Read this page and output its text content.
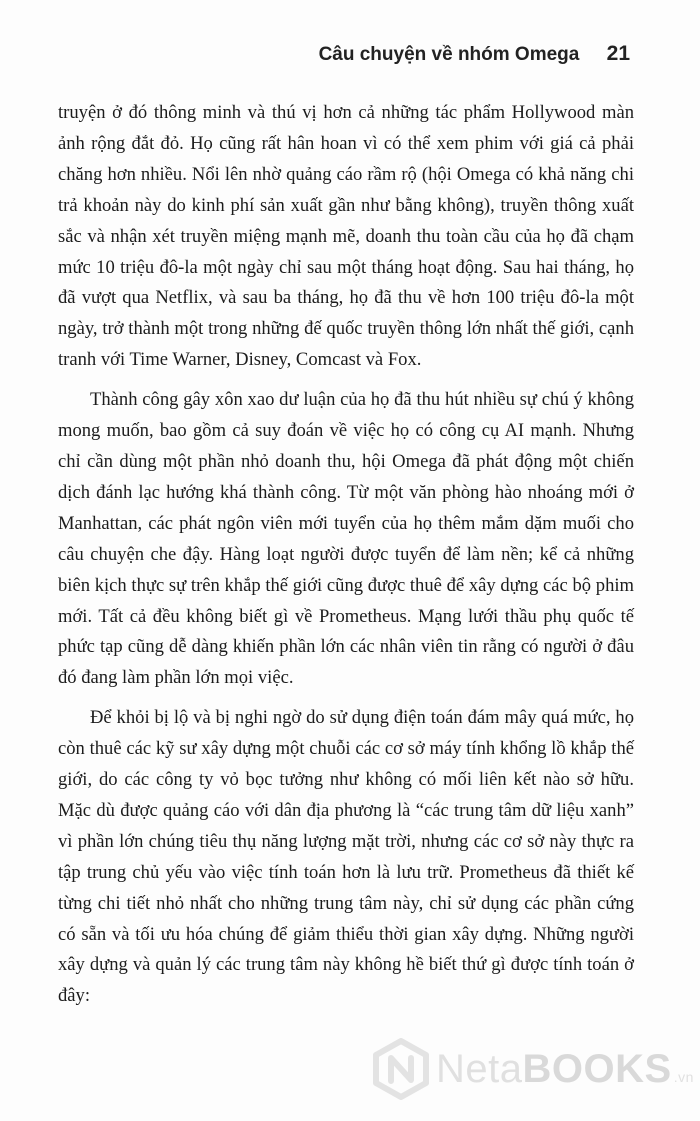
Câu chuyện về nhóm Omega 21

truyện ở đó thông minh và thú vị hơn cả những tác phẩm Hollywood màn ảnh rộng đắt đỏ. Họ cũng rất hân hoan vì có thể xem phim với giá cả phải chăng hơn nhiều. Nổi lên nhờ quảng cáo rầm rộ (hội Omega có khả năng chi trả khoản này do kinh phí sản xuất gần như bằng không), truyền thông xuất sắc và nhận xét truyền miệng mạnh mẽ, doanh thu toàn cầu của họ đã chạm mức 10 triệu đô-la một ngày chỉ sau một tháng hoạt động. Sau hai tháng, họ đã vượt qua Netflix, và sau ba tháng, họ đã thu về hơn 100 triệu đô-la một ngày, trở thành một trong những đế quốc truyền thông lớn nhất thế giới, cạnh tranh với Time Warner, Disney, Comcast và Fox.

Thành công gây xôn xao dư luận của họ đã thu hút nhiều sự chú ý không mong muốn, bao gồm cả suy đoán về việc họ có công cụ AI mạnh. Nhưng chỉ cần dùng một phần nhỏ doanh thu, hội Omega đã phát động một chiến dịch đánh lạc hướng khá thành công. Từ một văn phòng hào nhoáng mới ở Manhattan, các phát ngôn viên mới tuyển của họ thêm mắm dặm muối cho câu chuyện che đậy. Hàng loạt người được tuyển để làm nền; kể cả những biên kịch thực sự trên khắp thế giới cũng được thuê để xây dựng các bộ phim mới. Tất cả đều không biết gì về Prometheus. Mạng lưới thầu phụ quốc tế phức tạp cũng dễ dàng khiến phần lớn các nhân viên tin rằng có người ở đâu đó đang làm phần lớn mọi việc.

Để khỏi bị lộ và bị nghi ngờ do sử dụng điện toán đám mây quá mức, họ còn thuê các kỹ sư xây dựng một chuỗi các cơ sở máy tính khổng lồ khắp thế giới, do các công ty vỏ bọc tưởng như không có mối liên kết nào sở hữu. Mặc dù được quảng cáo với dân địa phương là “các trung tâm dữ liệu xanh” vì phần lớn chúng tiêu thụ năng lượng mặt trời, nhưng các cơ sở này thực ra tập trung chủ yếu vào việc tính toán hơn là lưu trữ. Prometheus đã thiết kế từng chi tiết nhỏ nhất cho những trung tâm này, chỉ sử dụng các phần cứng có sẵn và tối ưu hóa chúng để giảm thiểu thời gian xây dựng. Những người xây dựng và quản lý các trung tâm này không hề biết thứ gì được tính toán ở đây:

NetaBOOKS .vn
